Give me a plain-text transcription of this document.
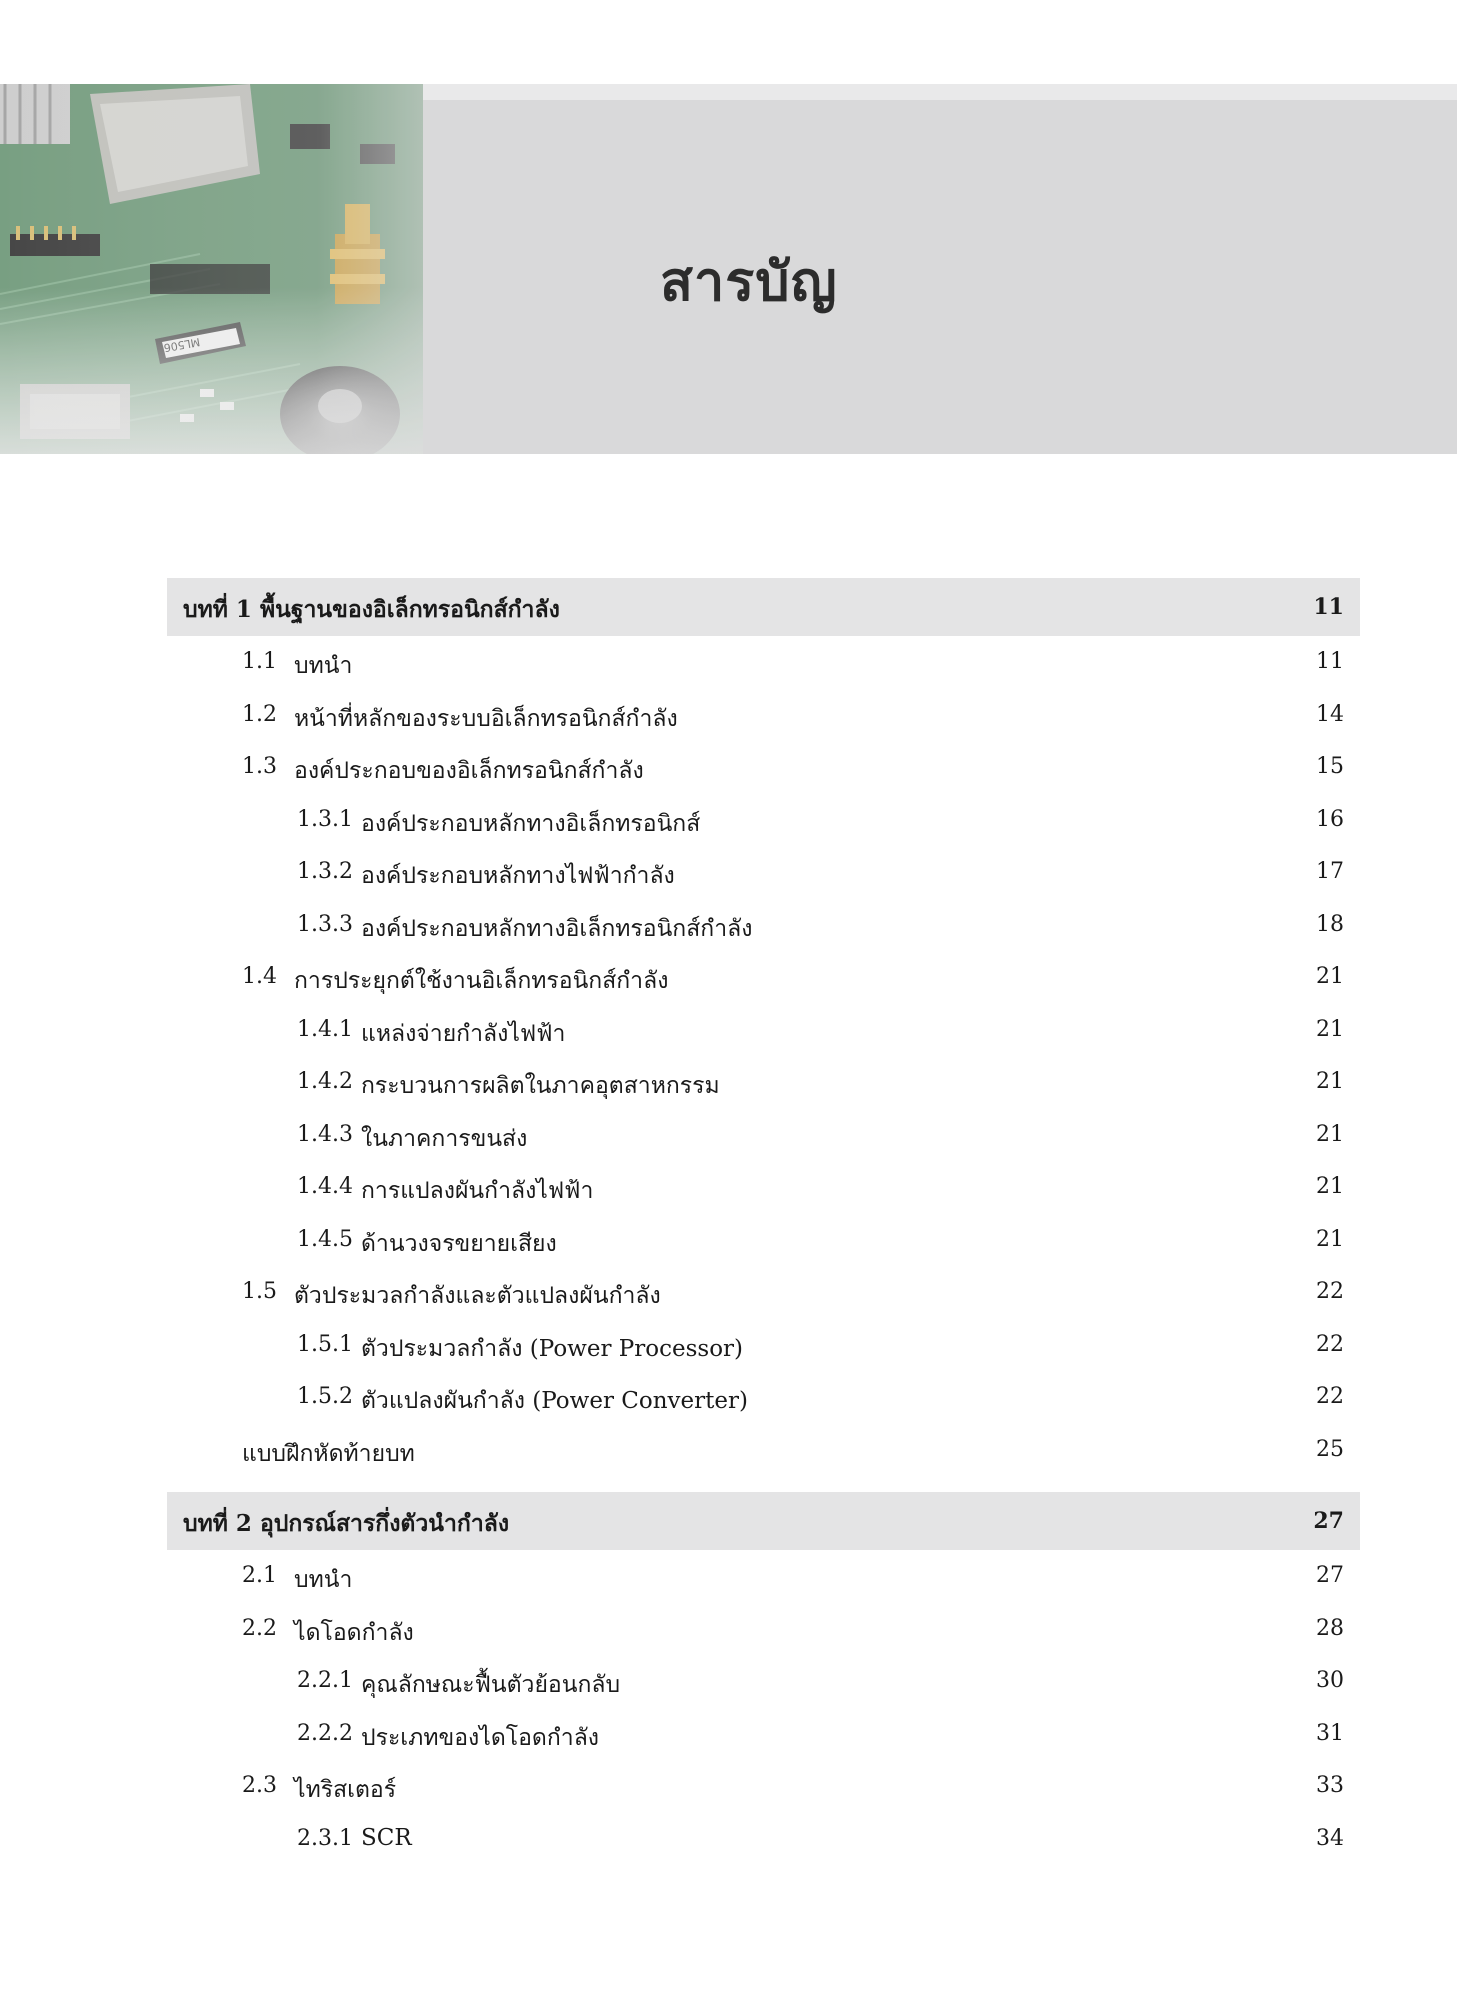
สารบัญ
บทที่ 1 พื้นฐานของอิเล็กทรอนิกส์กำลัง	11
1.1 บทนำ	11
1.2 หน้าที่หลักของระบบอิเล็กทรอนิกส์กำลัง	14
1.3 องค์ประกอบของอิเล็กทรอนิกส์กำลัง	15
1.3.1 องค์ประกอบหลักทางอิเล็กทรอนิกส์	16
1.3.2 องค์ประกอบหลักทางไฟฟ้ากำลัง	17
1.3.3 องค์ประกอบหลักทางอิเล็กทรอนิกส์กำลัง	18
1.4 การประยุกต์ใช้งานอิเล็กทรอนิกส์กำลัง	21
1.4.1 แหล่งจ่ายกำลังไฟฟ้า	21
1.4.2 กระบวนการผลิตในภาคอุตสาหกรรม	21
1.4.3 ในภาคการขนส่ง	21
1.4.4 การแปลงผันกำลังไฟฟ้า	21
1.4.5 ด้านวงจรขยายเสียง	21
1.5 ตัวประมวลกำลังและตัวแปลงผันกำลัง	22
1.5.1 ตัวประมวลกำลัง (Power Processor)	22
1.5.2 ตัวแปลงผันกำลัง (Power Converter)	22
แบบฝึกหัดท้ายบท	25
บทที่ 2 อุปกรณ์สารกึ่งตัวนำกำลัง	27
2.1 บทนำ	27
2.2 ไดโอดกำลัง	28
2.2.1 คุณลักษณะฟื้นตัวย้อนกลับ	30
2.2.2 ประเภทของไดโอดกำลัง	31
2.3 ไทริสเตอร์	33
2.3.1 SCR	34
